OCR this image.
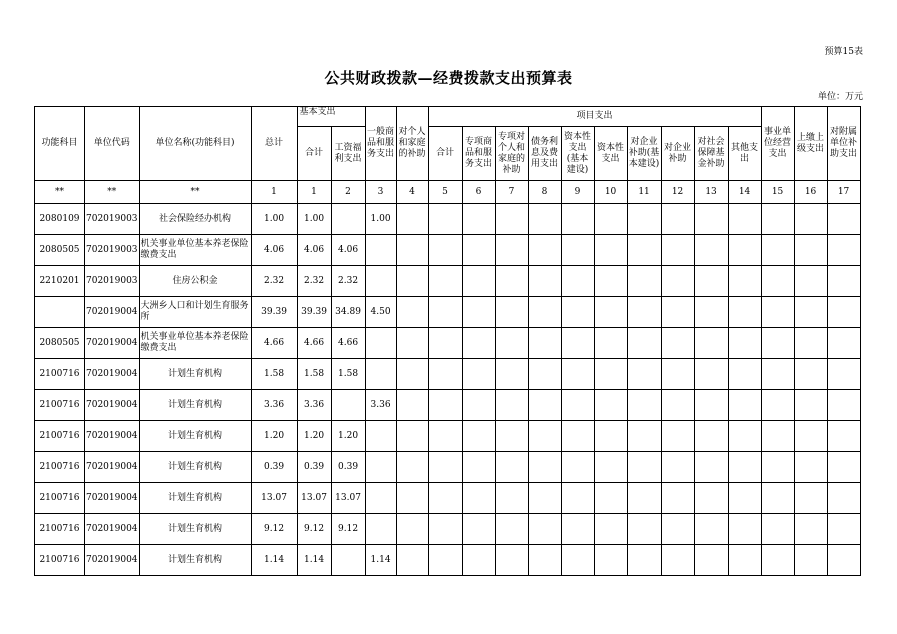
预算15表
公共财政拨款—经费拨款支出预算表
单位：万元
功能科目	单位代码	单位名称(功能科目)	总计	基本支出		一般商品和服务支出	对个人和家庭的补助	项目支出										事业单位经营支出	上缴上级支出	对附属单位补助支出
				合计	工资福利支出			合计	专项商品和服务支出	专项对个人和家庭的补助	债务利息及费用支出	资本性支出(基本建设)	资本性支出	对企业补助(基本建设)	对企业补助	对社会保障基金补助	其他支出			
**	**	**	1	1	2	3	4	5	6	7	8	9	10	11	12	13	14	15	16	17
2080109	702019003	社会保险经办机构	1.00	1.00		1.00														
2080505	702019003	机关事业单位基本养老保险缴费支出	4.06	4.06	4.06															
2210201	702019003	住房公积金	2.32	2.32	2.32															
	702019004	大洲乡人口和计划生育服务所	39.39	39.39	34.89	4.50														
2080505	702019004	机关事业单位基本养老保险缴费支出	4.66	4.66	4.66															
2100716	702019004	计划生育机构	1.58	1.58	1.58															
2100716	702019004	计划生育机构	3.36	3.36		3.36														
2100716	702019004	计划生育机构	1.20	1.20	1.20															
2100716	702019004	计划生育机构	0.39	0.39	0.39															
2100716	702019004	计划生育机构	13.07	13.07	13.07															
2100716	702019004	计划生育机构	9.12	9.12	9.12															
2100716	702019004	计划生育机构	1.14	1.14		1.14														
